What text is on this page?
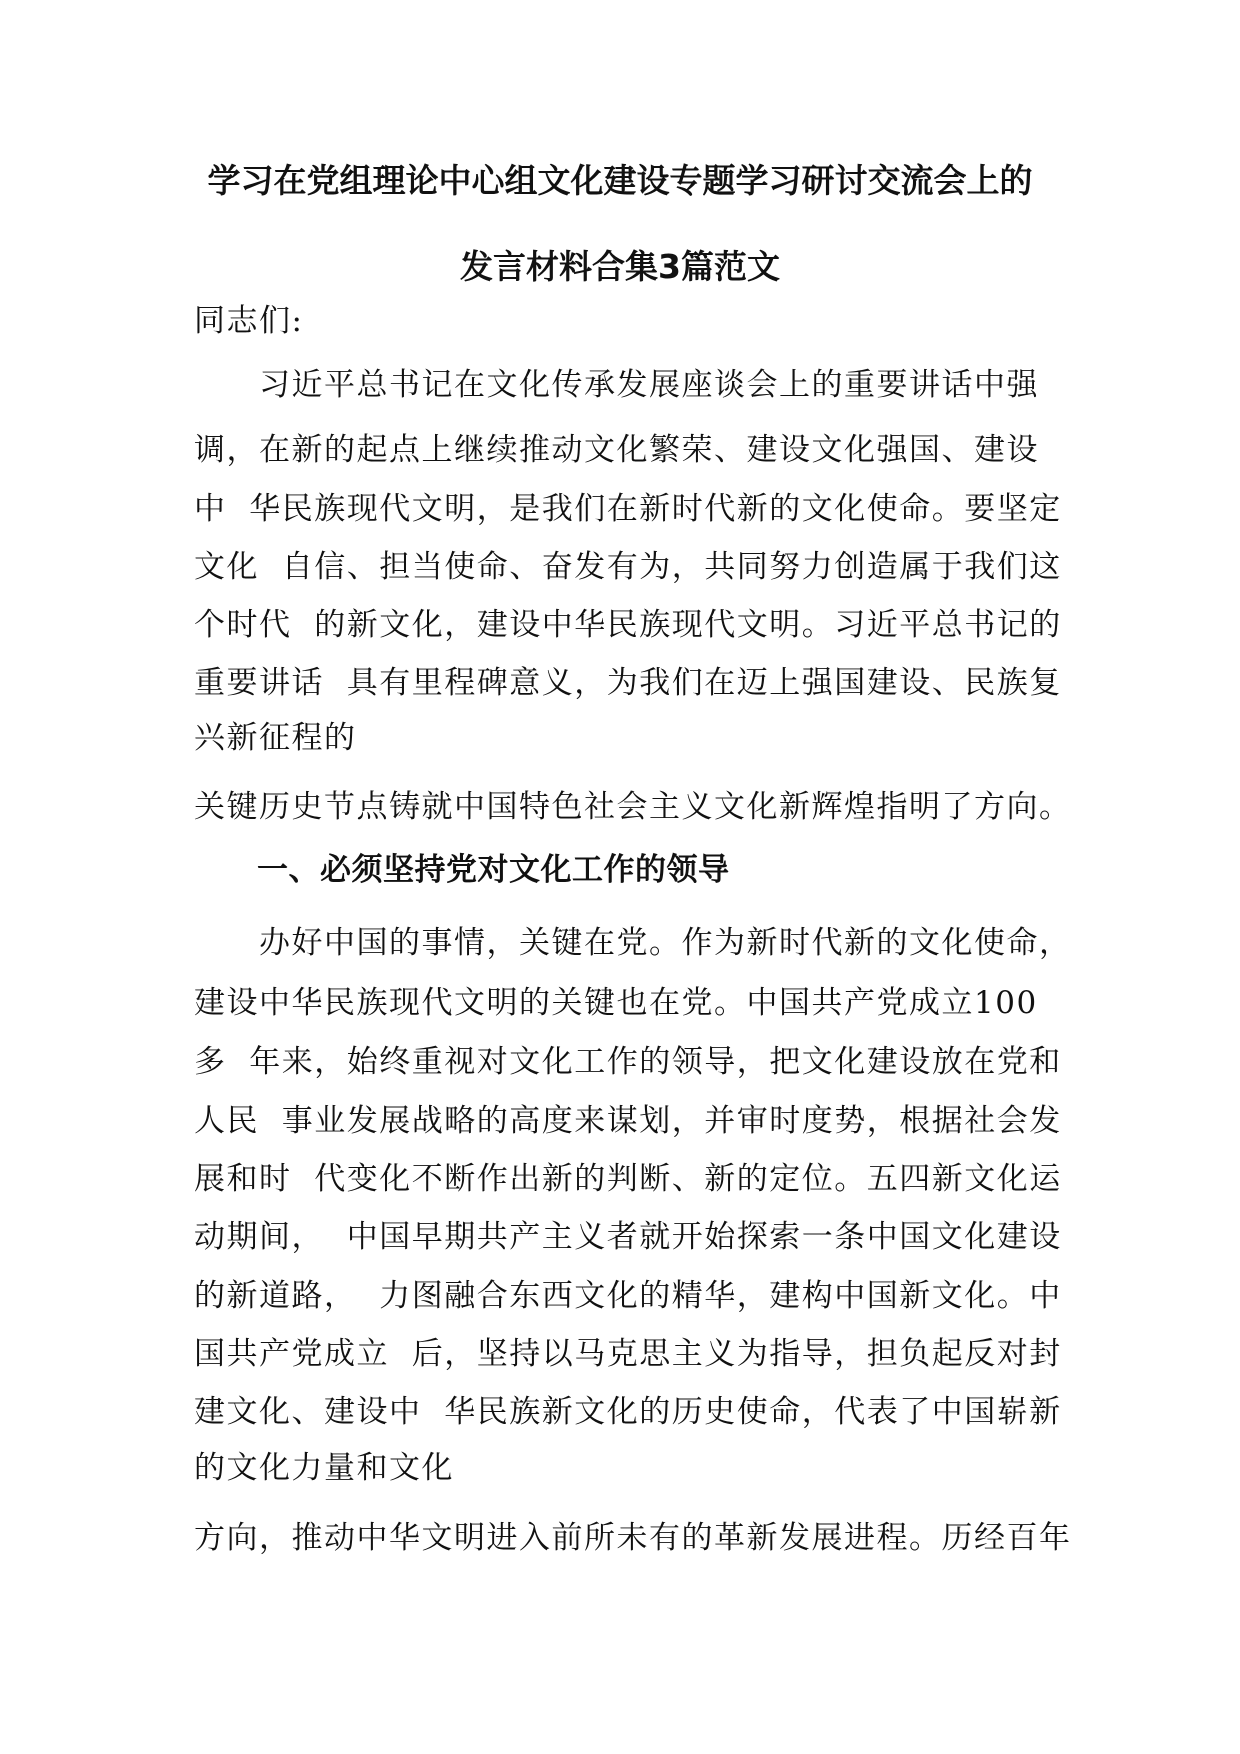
学习在党组理论中心组文化建设专题学习研讨交流会上的
发言材料合集3篇范文
同志们:
　　习近平总书记在文化传承发展座谈会上的重要讲话中强
调，在新的起点上继续推动文化繁荣、建设文化强国、建设
中  华民族现代文明，是我们在新时代新的文化使命。要坚定
文化  自信、担当使命、奋发有为，共同努力创造属于我们这
个时代  的新文化，建设中华民族现代文明。习近平总书记的
重要讲话  具有里程碑意义，为我们在迈上强国建设、民族复
兴新征程的
关键历史节点铸就中国特色社会主义文化新辉煌指明了方向。
　　一、必须坚持党对文化工作的领导
　　办好中国的事情，关键在党。作为新时代新的文化使命，
建设中华民族现代文明的关键也在党。中国共产党成立100
多  年来，始终重视对文化工作的领导，把文化建设放在党和
人民  事业发展战略的高度来谋划，并审时度势，根据社会发
展和时  代变化不断作出新的判断、新的定位。五四新文化运
动期间，  中国早期共产主义者就开始探索一条中国文化建设
的新道路，  力图融合东西文化的精华，建构中国新文化。中
国共产党成立  后，坚持以马克思主义为指导，担负起反对封
建文化、建设中  华民族新文化的历史使命，代表了中国崭新
的文化力量和文化
方向，推动中华文明进入前所未有的革新发展进程。历经百年
